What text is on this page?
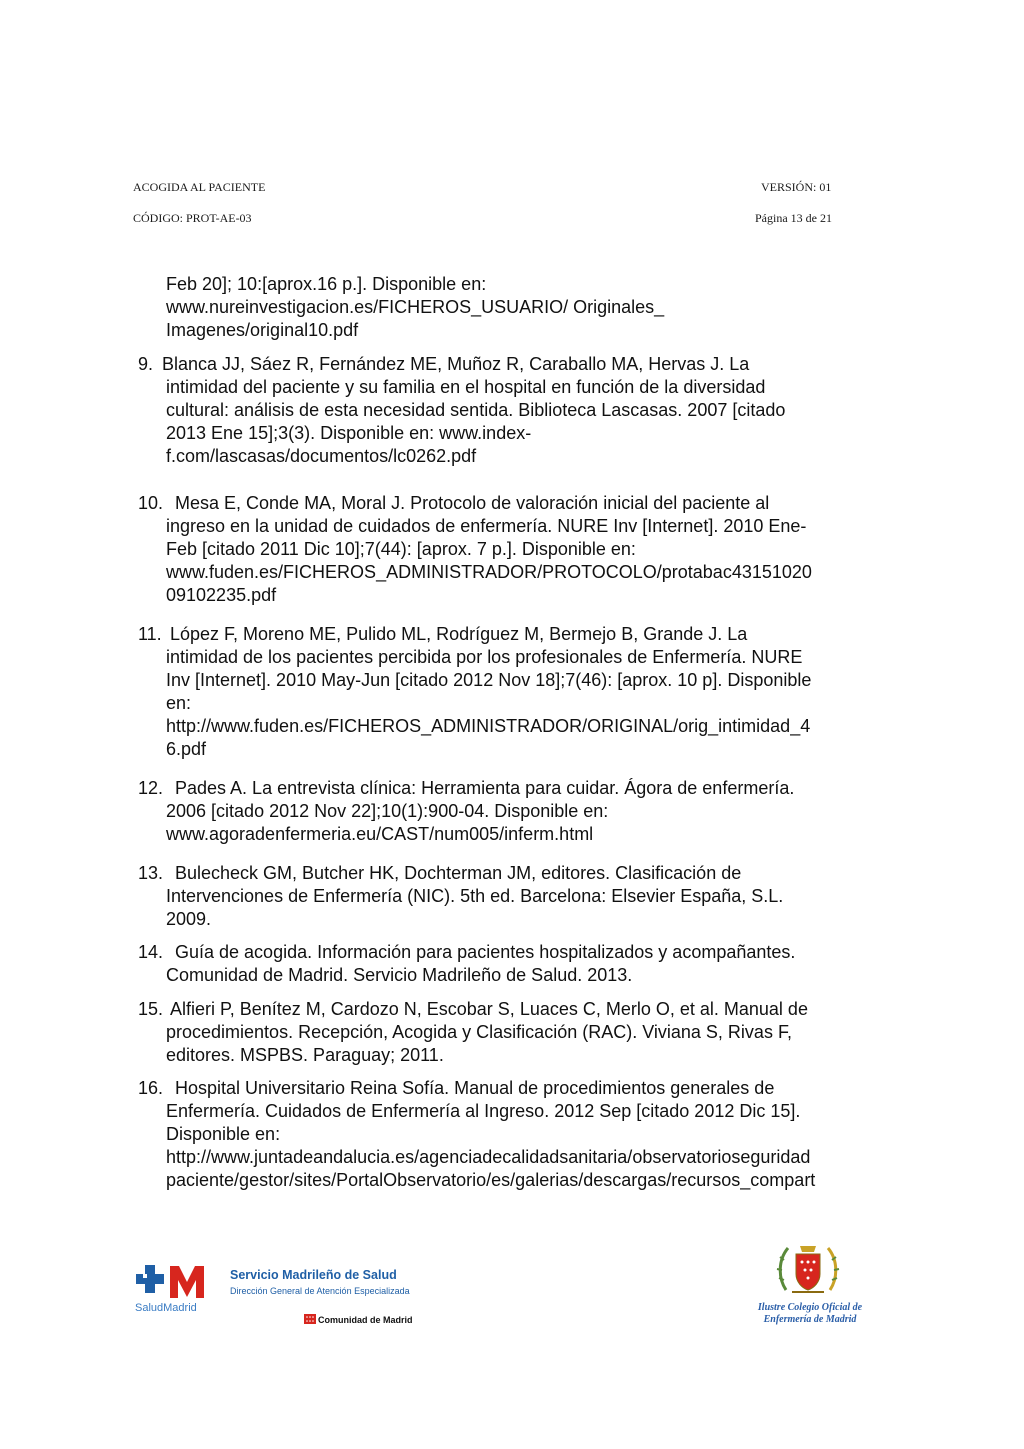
ACOGIDA AL PACIENTE	VERSIÓN: 01
CÓDIGO: PROT-AE-03	Página 13 de 21
Feb 20]; 10:[aprox.16 p.]. Disponible en:
www.nureinvestigacion.es/FICHEROS_USUARIO/ Originales_
Imagenes/original10.pdf
9. Blanca JJ, Sáez R, Fernández ME, Muñoz R, Caraballo MA, Hervas J. La
intimidad del paciente y su familia en el hospital en función de la diversidad
cultural: análisis de esta necesidad sentida. Biblioteca Lascasas. 2007 [citado
2013 Ene 15];3(3). Disponible en: www.index-
f.com/lascasas/documentos/lc0262.pdf
10. Mesa E, Conde MA, Moral J. Protocolo de valoración inicial del paciente al
ingreso en la unidad de cuidados de enfermería. NURE Inv [Internet]. 2010 Ene-
Feb [citado 2011 Dic 10];7(44): [aprox. 7 p.]. Disponible en:
www.fuden.es/FICHEROS_ADMINISTRADOR/PROTOCOLO/protabac43151020
09102235.pdf
11. López F, Moreno ME, Pulido ML, Rodríguez M, Bermejo B, Grande J. La
intimidad de los pacientes percibida por los profesionales de Enfermería. NURE
Inv [Internet]. 2010 May-Jun [citado 2012 Nov 18];7(46): [aprox. 10 p]. Disponible
en:
http://www.fuden.es/FICHEROS_ADMINISTRADOR/ORIGINAL/orig_intimidad_4
6.pdf
12. Pades A. La entrevista clínica: Herramienta para cuidar. Ágora de enfermería.
2006 [citado 2012 Nov 22];10(1):900-04. Disponible en:
www.agoradenfermeria.eu/CAST/num005/inferm.html
13. Bulecheck GM, Butcher HK, Dochterman JM, editores. Clasificación de
Intervenciones de Enfermería (NIC). 5th ed. Barcelona: Elsevier España, S.L.
2009.
14. Guía de acogida. Información para pacientes hospitalizados y acompañantes.
Comunidad de Madrid. Servicio Madrileño de Salud. 2013.
15. Alfieri P, Benítez M, Cardozo N, Escobar S, Luaces C, Merlo O, et al. Manual de
procedimientos. Recepción, Acogida y Clasificación (RAC). Viviana S, Rivas F,
editores. MSPBS. Paraguay; 2011.
16. Hospital Universitario Reina Sofía. Manual de procedimientos generales de
Enfermería. Cuidados de Enfermería al Ingreso. 2012 Sep [citado 2012 Dic 15].
Disponible en:
http://www.juntadeandalucia.es/agenciadecalidadsanitaria/observatorioseguridad
paciente/gestor/sites/PortalObservatorio/es/galerias/descargas/recursos_compart
SaludMadrid
Servicio Madrileño de Salud
Dirección General de Atención Especializada
Comunidad de Madrid
Ilustre Colegio Oficial de
Enfermería de Madrid
